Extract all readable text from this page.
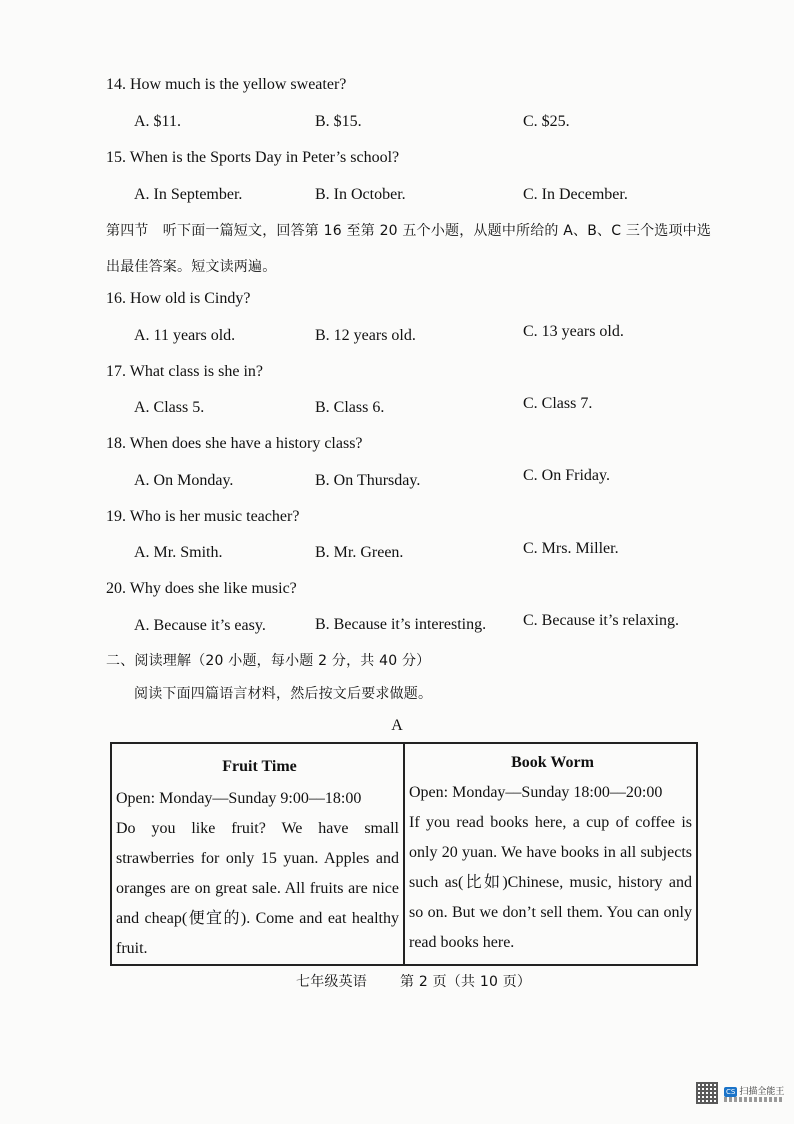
14. How much is the yellow sweater?
A. $11.	B. $15.	C. $25.
15. When is the Sports Day in Peter’s school?
A. In September.	B. In October.	C. In December.
第四节　听下面一篇短文，回答第 16 至第 20 五个小题，从题中所给的 A、B、C 三个选项中选
出最佳答案。短文读两遍。
16. How old is Cindy?
A. 11 years old.	B. 12 years old.	C. 13 years old.
17. What class is she in?
A. Class 5.	B. Class 6.	C. Class 7.
18. When does she have a history class?
A. On Monday.	B. On Thursday.	C. On Friday.
19. Who is her music teacher?
A. Mr. Smith.	B. Mr. Green.	C. Mrs. Miller.
20. Why does she like music?
A. Because it’s easy.	B. Because it’s interesting. C. Because it’s relaxing.
二、阅读理解（20 小题，每小题 2 分，共 40 分）
阅读下面四篇语言材料，然后按文后要求做题。
A
Fruit Time
Open: Monday––Sunday 9:00––18:00
Do you like fruit? We have small strawberries for only 15 yuan. Apples and oranges are on great sale. All fruits are nice and cheap(便宜的). Come and eat healthy fruit.
Book Worm
Open: Monday––Sunday 18:00––20:00
If you read books here, a cup of coffee is only 20 yuan. We have books in all subjects such as(比如)Chinese, music, history and so on. But we don’t sell them. You can only read books here.
七年级英语 第 2 页（共 10 页）
CS 扫描全能王
